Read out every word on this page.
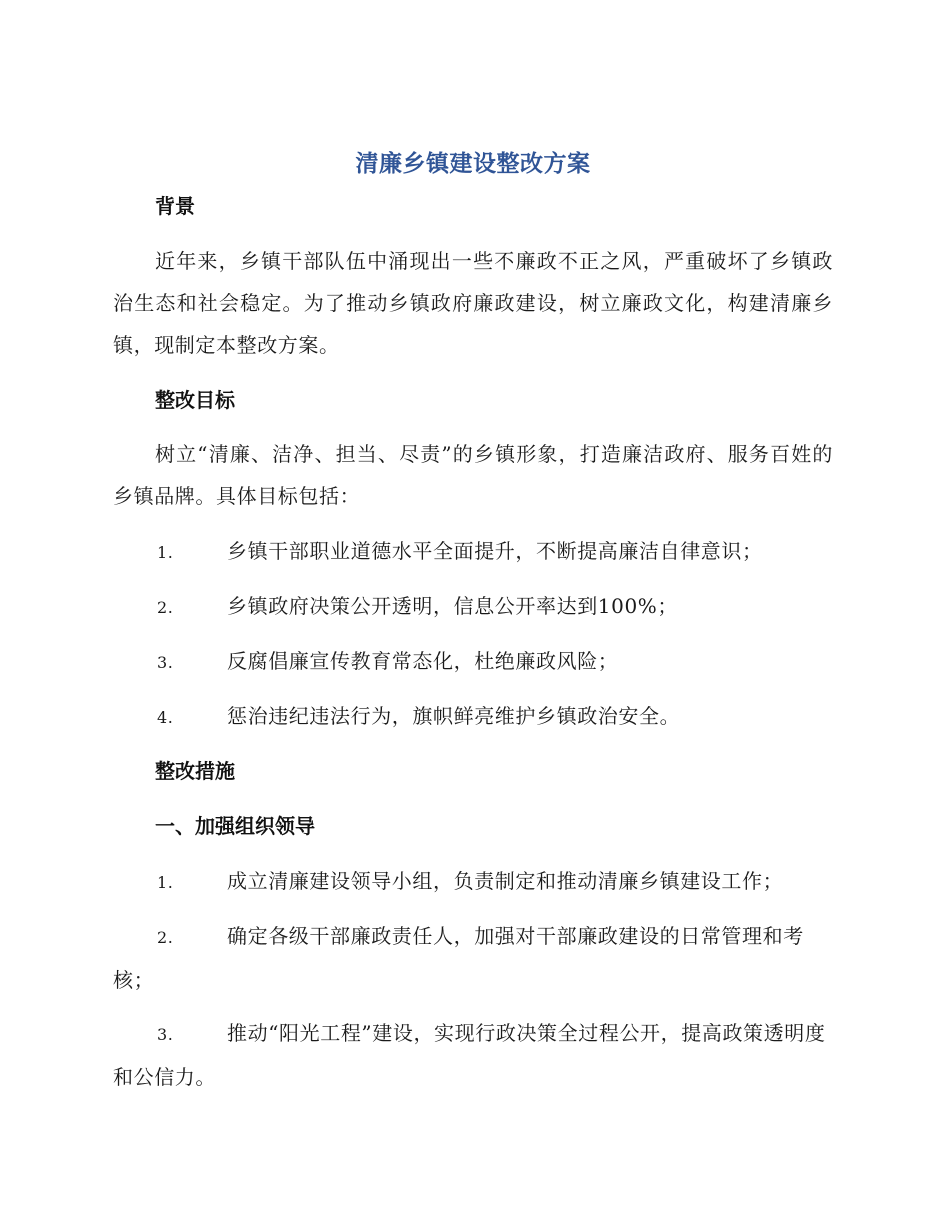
清廉乡镇建设整改方案
背景
近年来，乡镇干部队伍中涌现出一些不廉政不正之风，严重破坏了乡镇政治生态和社会稳定。为了推动乡镇政府廉政建设，树立廉政文化，构建清廉乡镇，现制定本整改方案。
整改目标
树立“清廉、洁净、担当、尽责”的乡镇形象，打造廉洁政府、服务百姓的乡镇品牌。具体目标包括：
1.	乡镇干部职业道德水平全面提升，不断提高廉洁自律意识；
2.	乡镇政府决策公开透明，信息公开率达到100%；
3.	反腐倡廉宣传教育常态化，杜绝廉政风险；
4.	惩治违纪违法行为，旗帜鲜亮维护乡镇政治安全。
整改措施
一、加强组织领导
1.	成立清廉建设领导小组，负责制定和推动清廉乡镇建设工作；
2.	确定各级干部廉政责任人，加强对干部廉政建设的日常管理和考核；
3.	推动“阳光工程”建设，实现行政决策全过程公开，提高政策透明度和公信力。
